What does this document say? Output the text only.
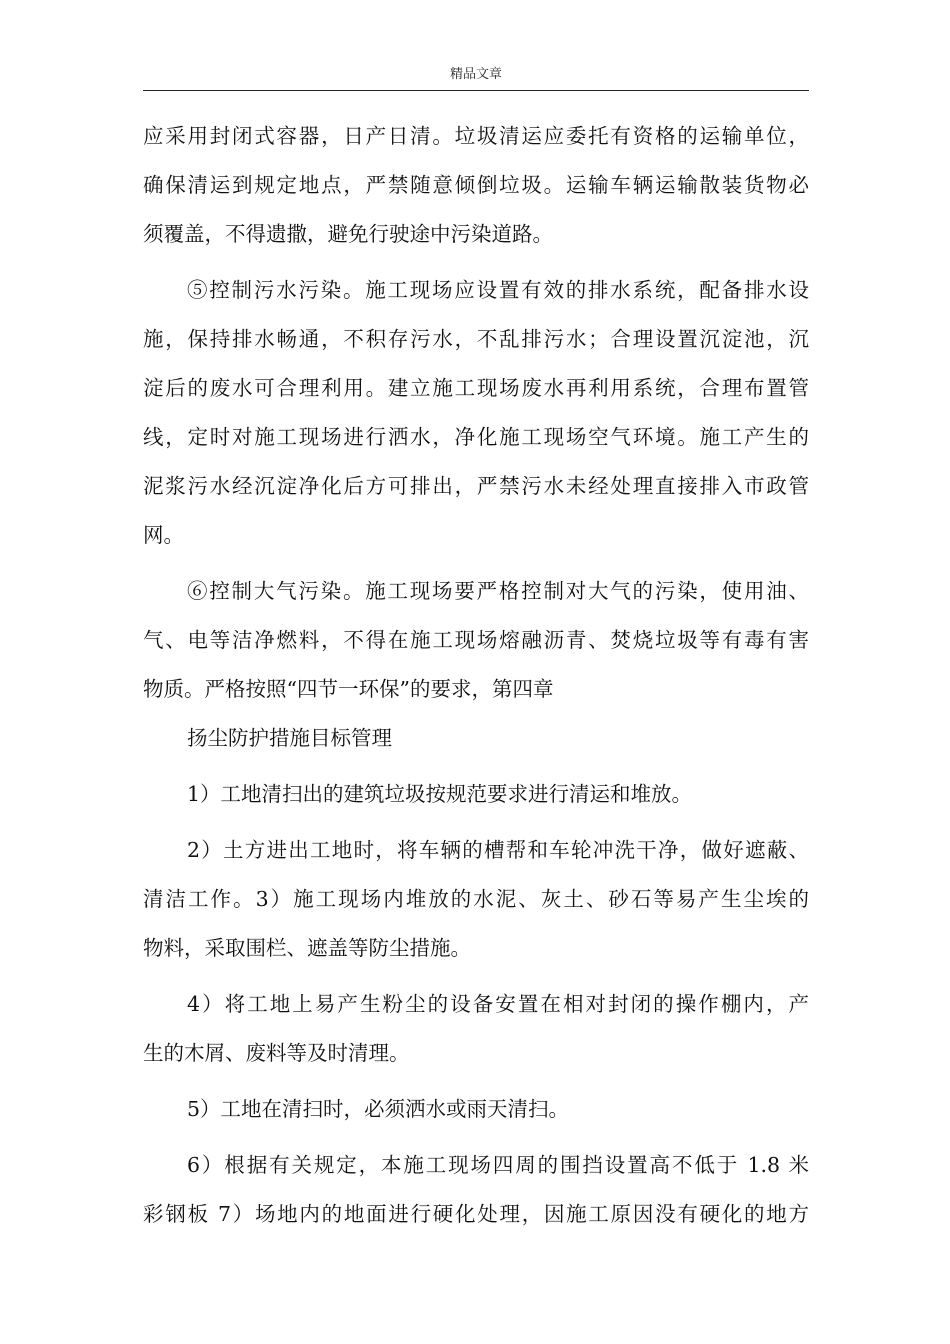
精品文章
应采用封闭式容器，日产日清。垃圾清运应委托有资格的运输单位，
确保清运到规定地点，严禁随意倾倒垃圾。运输车辆运输散装货物必
须覆盖，不得遗撒，避免行驶途中污染道路。
⑤控制污水污染。施工现场应设置有效的排水系统，配备排水设
施，保持排水畅通，不积存污水，不乱排污水；合理设置沉淀池，沉
淀后的废水可合理利用。建立施工现场废水再利用系统，合理布置管
线，定时对施工现场进行洒水，净化施工现场空气环境。施工产生的
泥浆污水经沉淀净化后方可排出，严禁污水未经处理直接排入市政管
网。
⑥控制大气污染。施工现场要严格控制对大气的污染，使用油、
气、电等洁净燃料，不得在施工现场熔融沥青、焚烧垃圾等有毒有害
物质。严格按照“四节一环保”的要求，第四章
扬尘防护措施目标管理
1）工地清扫出的建筑垃圾按规范要求进行清运和堆放。
2）土方进出工地时，将车辆的槽帮和车轮冲洗干净，做好遮蔽、
清洁工作。3）施工现场内堆放的水泥、灰土、砂石等易产生尘埃的
物料，采取围栏、遮盖等防尘措施。
4）将工地上易产生粉尘的设备安置在相对封闭的操作棚内，产
生的木屑、废料等及时清理。
5）工地在清扫时，必须洒水或雨天清扫。
6）根据有关规定，本施工现场四周的围挡设置高不低于 1.8 米
彩钢板 7）场地内的地面进行硬化处理，因施工原因没有硬化的地方
